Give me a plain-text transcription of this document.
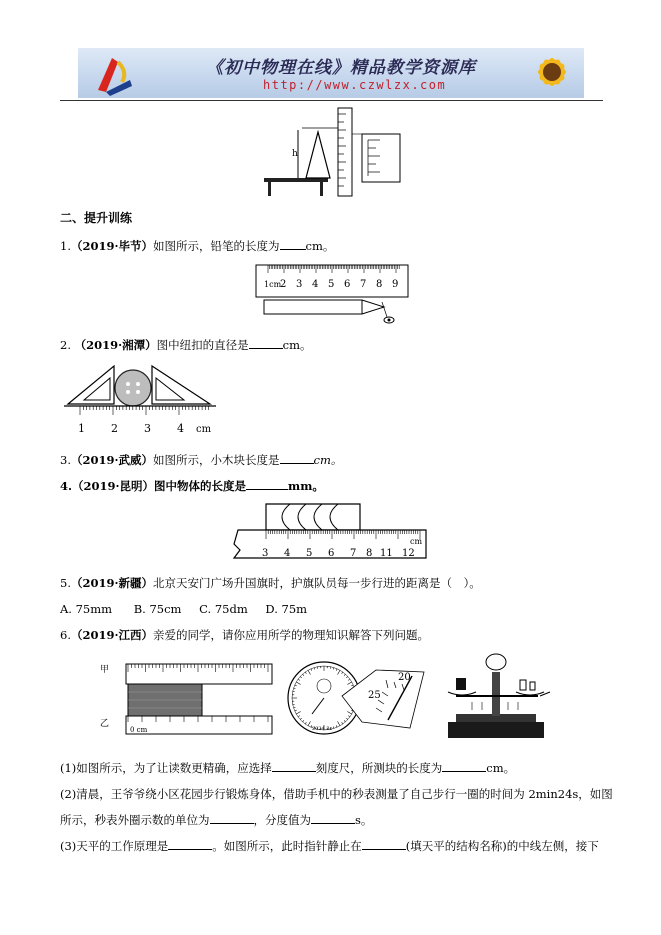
《初中物理在线》精品教学资源库
http://www.czwlzx.com
h
二、提升训练
1.（2019·毕节）如图所示，铅笔的长度为 cm。
1cm
2 3 4 5 6 7 8 9
2. （2019·湘潭）图中纽扣的直径是	cm。
1 2 3 4 cm
3.（2019·武威）如图所示，小木块长度是	cm。
4.（2019·昆明）图中物体的长度是	mm。
3 4 5 6 7 8 11 12
cm
5.（2019·新疆）北京天安门广场升国旗时，护旗队员每一步行进的距离是（　）。
A. 75mm B. 75cm C. 75dm D. 75m
6.（2019·江西）亲爱的同学，请你应用所学的物理知识解答下列问题。
甲
乙
0 cm	2024.3c
20
25
(1)如图所示，为了让读数更精确，应选择	刻度尺，所测块的长度为	cm。
(2)清晨，王爷爷绕小区花园步行锻炼身体，借助手机中的秒表测量了自己步行一圈的时间为 2min24s，如图
所示，秒表外圈示数的单位为	，分度值为	s。
(3)天平的工作原理是	。如图所示，此时指针静止在	(填天平的结构名称)的中线左侧，接下
